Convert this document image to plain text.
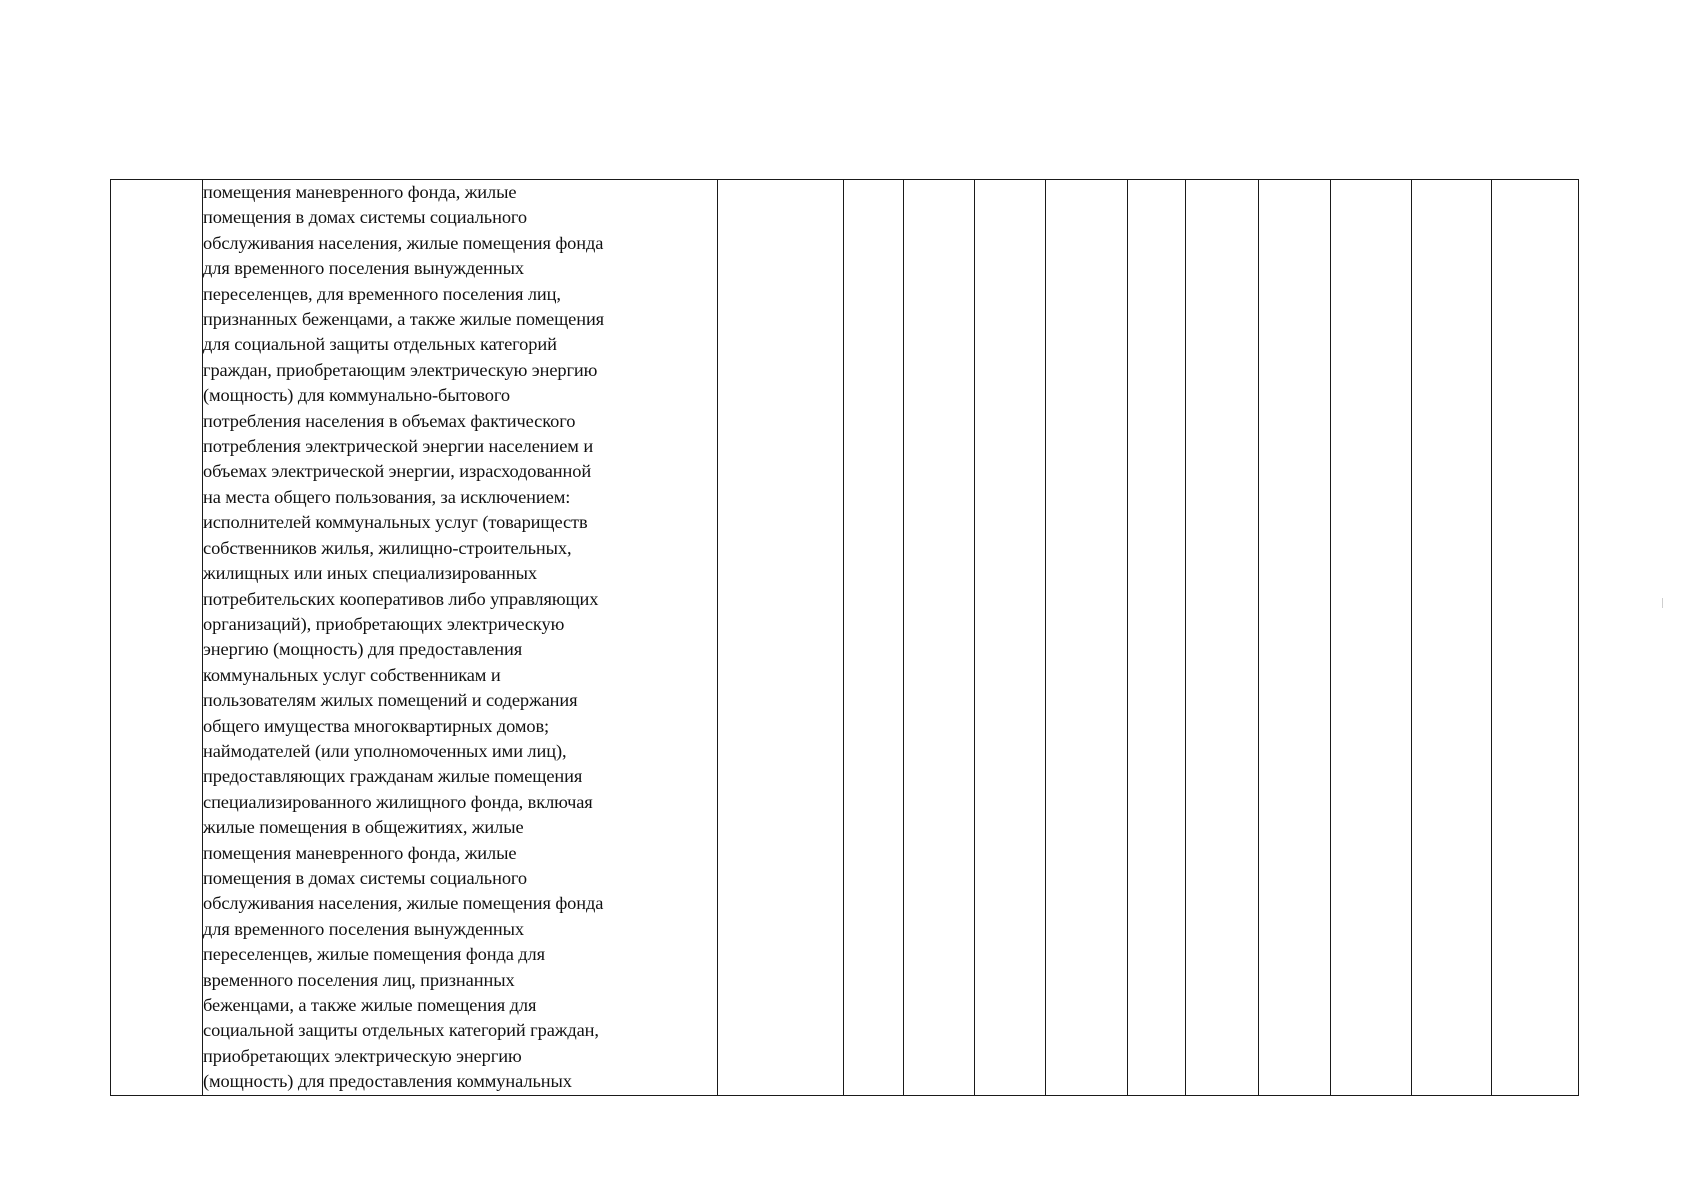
помещения маневренного фонда, жилые
помещения в домах системы социального
обслуживания населения, жилые помещения фонда
для временного поселения вынужденных
переселенцев, для временного поселения лиц,
признанных беженцами, а также жилые помещения
для социальной защиты отдельных категорий
граждан, приобретающим электрическую энергию
(мощность) для коммунально-бытового
потребления населения в объемах фактического
потребления электрической энергии населением и
объемах электрической энергии, израсходованной
на места общего пользования, за исключением:
исполнителей коммунальных услуг (товариществ
собственников жилья, жилищно-строительных,
жилищных или иных специализированных
потребительских кооперативов либо управляющих
организаций), приобретающих электрическую
энергию (мощность) для предоставления
коммунальных услуг собственникам и
пользователям жилых помещений и содержания
общего имущества многоквартирных домов;
наймодателей (или уполномоченных ими лиц),
предоставляющих гражданам жилые помещения
специализированного жилищного фонда, включая
жилые помещения в общежитиях, жилые
помещения маневренного фонда, жилые
помещения в домах системы социального
обслуживания населения, жилые помещения фонда
для временного поселения вынужденных
переселенцев, жилые помещения фонда для
временного поселения лиц, признанных
беженцами, а также жилые помещения для
социальной защиты отдельных категорий граждан,
приобретающих электрическую энергию
(мощность) для предоставления коммунальных
